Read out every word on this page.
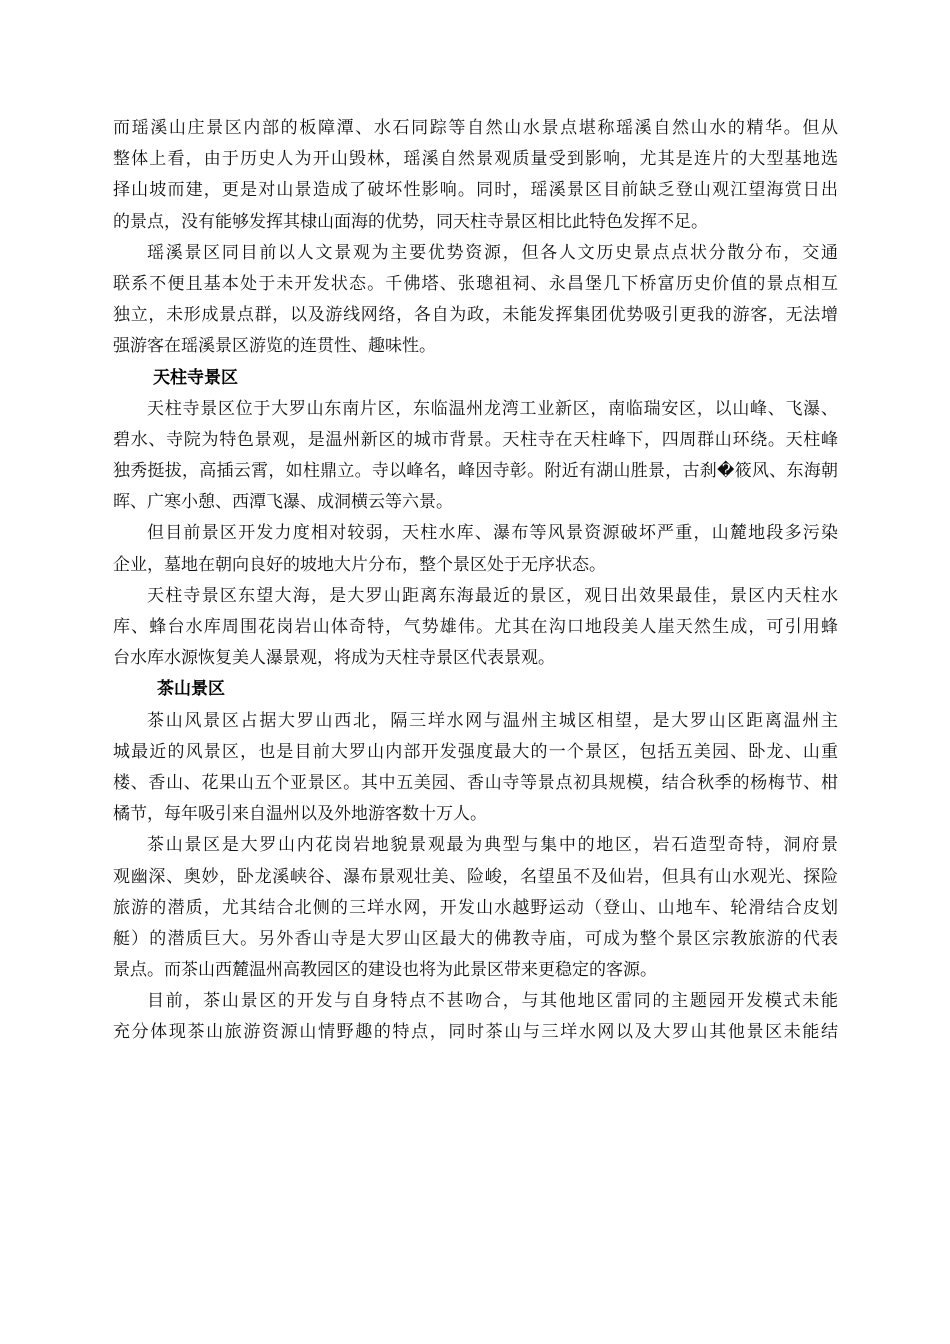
而瑶溪山庄景区内部的板障潭、水石同踪等自然山水景点堪称瑶溪自然山水的精华。但从
整体上看，由于历史人为开山毁林，瑶溪自然景观质量受到影响，尤其是连片的大型基地选
择山坡而建，更是对山景造成了破坏性影响。同时，瑶溪景区目前缺乏登山观江望海赏日出
的景点，没有能够发挥其棣山面海的优势，同天柱寺景区相比此特色发挥不足。
瑶溪景区同目前以人文景观为主要优势资源，但各人文历史景点点状分散分布，交通
联系不便且基本处于未开发状态。千佛塔、张璁祖祠、永昌堡几下桥富历史价值的景点相互
独立，未形成景点群，以及游线网络，各自为政，未能发挥集团优势吸引更我的游客，无法增
强游客在瑶溪景区游览的连贯性、趣味性。
天柱寺景区
天柱寺景区位于大罗山东南片区，东临温州龙湾工业新区，南临瑞安区，以山峰、飞瀑、
碧水、寺院为特色景观，是温州新区的城市背景。天柱寺在天柱峰下，四周群山环绕。天柱峰
独秀挺拔，高插云霄，如柱鼎立。寺以峰名，峰因寺彰。附近有湖山胜景，古刹�筱风、东海朝
晖、广寒小憩、西潭飞瀑、成洞横云等六景。
但目前景区开发力度相对较弱，天柱水库、瀑布等风景资源破坏严重，山麓地段多污染
企业，墓地在朝向良好的坡地大片分布，整个景区处于无序状态。
天柱寺景区东望大海，是大罗山距离东海最近的景区，观日出效果最佳，景区内天柱水
库、蜂台水库周围花岗岩山体奇特，气势雄伟。尤其在沟口地段美人崖天然生成，可引用蜂
台水库水源恢复美人瀑景观，将成为天柱寺景区代表景观。
茶山景区
茶山风景区占据大罗山西北，隔三垟水网与温州主城区相望，是大罗山区距离温州主
城最近的风景区，也是目前大罗山内部开发强度最大的一个景区，包括五美园、卧龙、山重
楼、香山、花果山五个亚景区。其中五美园、香山寺等景点初具规模，结合秋季的杨梅节、柑
橘节，每年吸引来自温州以及外地游客数十万人。
茶山景区是大罗山内花岗岩地貌景观最为典型与集中的地区，岩石造型奇特，洞府景
观幽深、奥妙，卧龙溪峡谷、瀑布景观壮美、险峻，名望虽不及仙岩，但具有山水观光、探险
旅游的潜质，尤其结合北侧的三垟水网，开发山水越野运动（登山、山地车、轮滑结合皮划
艇）的潜质巨大。另外香山寺是大罗山区最大的佛教寺庙，可成为整个景区宗教旅游的代表
景点。而茶山西麓温州高教园区的建设也将为此景区带来更稳定的客源。
目前，茶山景区的开发与自身特点不甚吻合，与其他地区雷同的主题园开发模式未能
充分体现茶山旅游资源山情野趣的特点，同时茶山与三垟水网以及大罗山其他景区未能结
